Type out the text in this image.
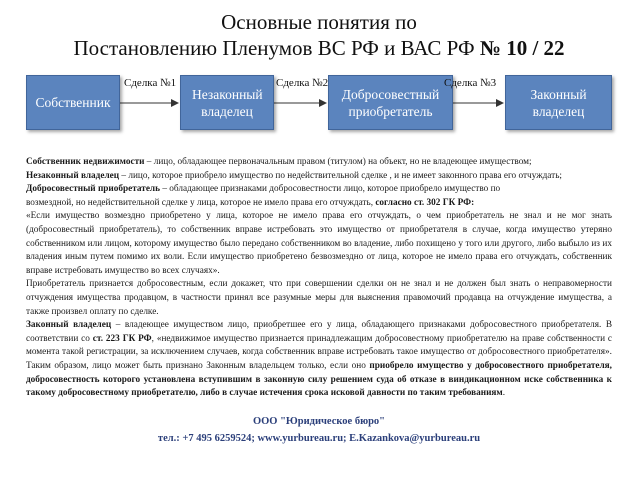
Основные понятия по
Постановлению Пленумов ВС РФ и ВАС РФ № 10 / 22
Собственник
Незаконный владелец
Добросовестный приобретатель
Законный владелец
Сделка №1	Сделка №2	Сделка №3

Собственник недвижимости – лицо, обладающее первоначальным правом (титулом) на объект, но не владеющее имуществом;

Незаконный владелец – лицо, которое приобрело имущество по недействительной сделке , и не имеет законного права его отчуждать;

Добросовестный приобретатель – обладающее признаками добросовестности лицо, которое приобрело имущество по

возмездной, но недействительной сделке у лица, которое не имело права его отчуждать, согласно ст. 302 ГК РФ:

«Если имущество возмездно приобретено у лица, которое не имело права его отчуждать, о чем приобретатель не знал и не мог знать (добросовестный приобретатель), то собственник вправе истребовать это имущество от приобретателя в случае, когда имущество утеряно собственником или лицом, которому имущество было передано собственником во владение, либо похищено у того или другого, либо выбыло из их владения иным путем помимо их воли. Если имущество приобретено безвозмездно от лица, которое не имело права его отчуждать, собственник вправе истребовать имущество во всех случаях».

Приобретатель признается добросовестным, если докажет, что при совершении сделки он не знал и не должен был знать о неправомерности отчуждения имущества продавцом, в частности принял все разумные меры для выяснения правомочий продавца на отчуждение имущества, а также произвел оплату по сделке.

Законный владелец – владеющее имуществом лицо, приобретшее его у лица, обладающего признаками добросовестного приобретателя. В соответствии со ст. 223 ГК РФ, «недвижимое имущество признается принадлежащим добросовестному приобретателю на праве собственности с момента такой регистрации, за исключением случаев, когда собственник вправе истребовать такое имущество от добросовестного приобретателя». Таким образом, лицо может быть признано Законным владельцем только, если оно приобрело имущество у добросовестного приобретателя, добросовестность которого установлена вступившим в законную силу решением суда об отказе в виндикационном иске собственника к такому добросовестному приобретателю, либо в случае истечения срока исковой давности по таким требованиям.

ООО "Юридическое бюро"
тел.: +7 495 6259524; www.yurbureau.ru; E.Kazankova@yurbureau.ru
